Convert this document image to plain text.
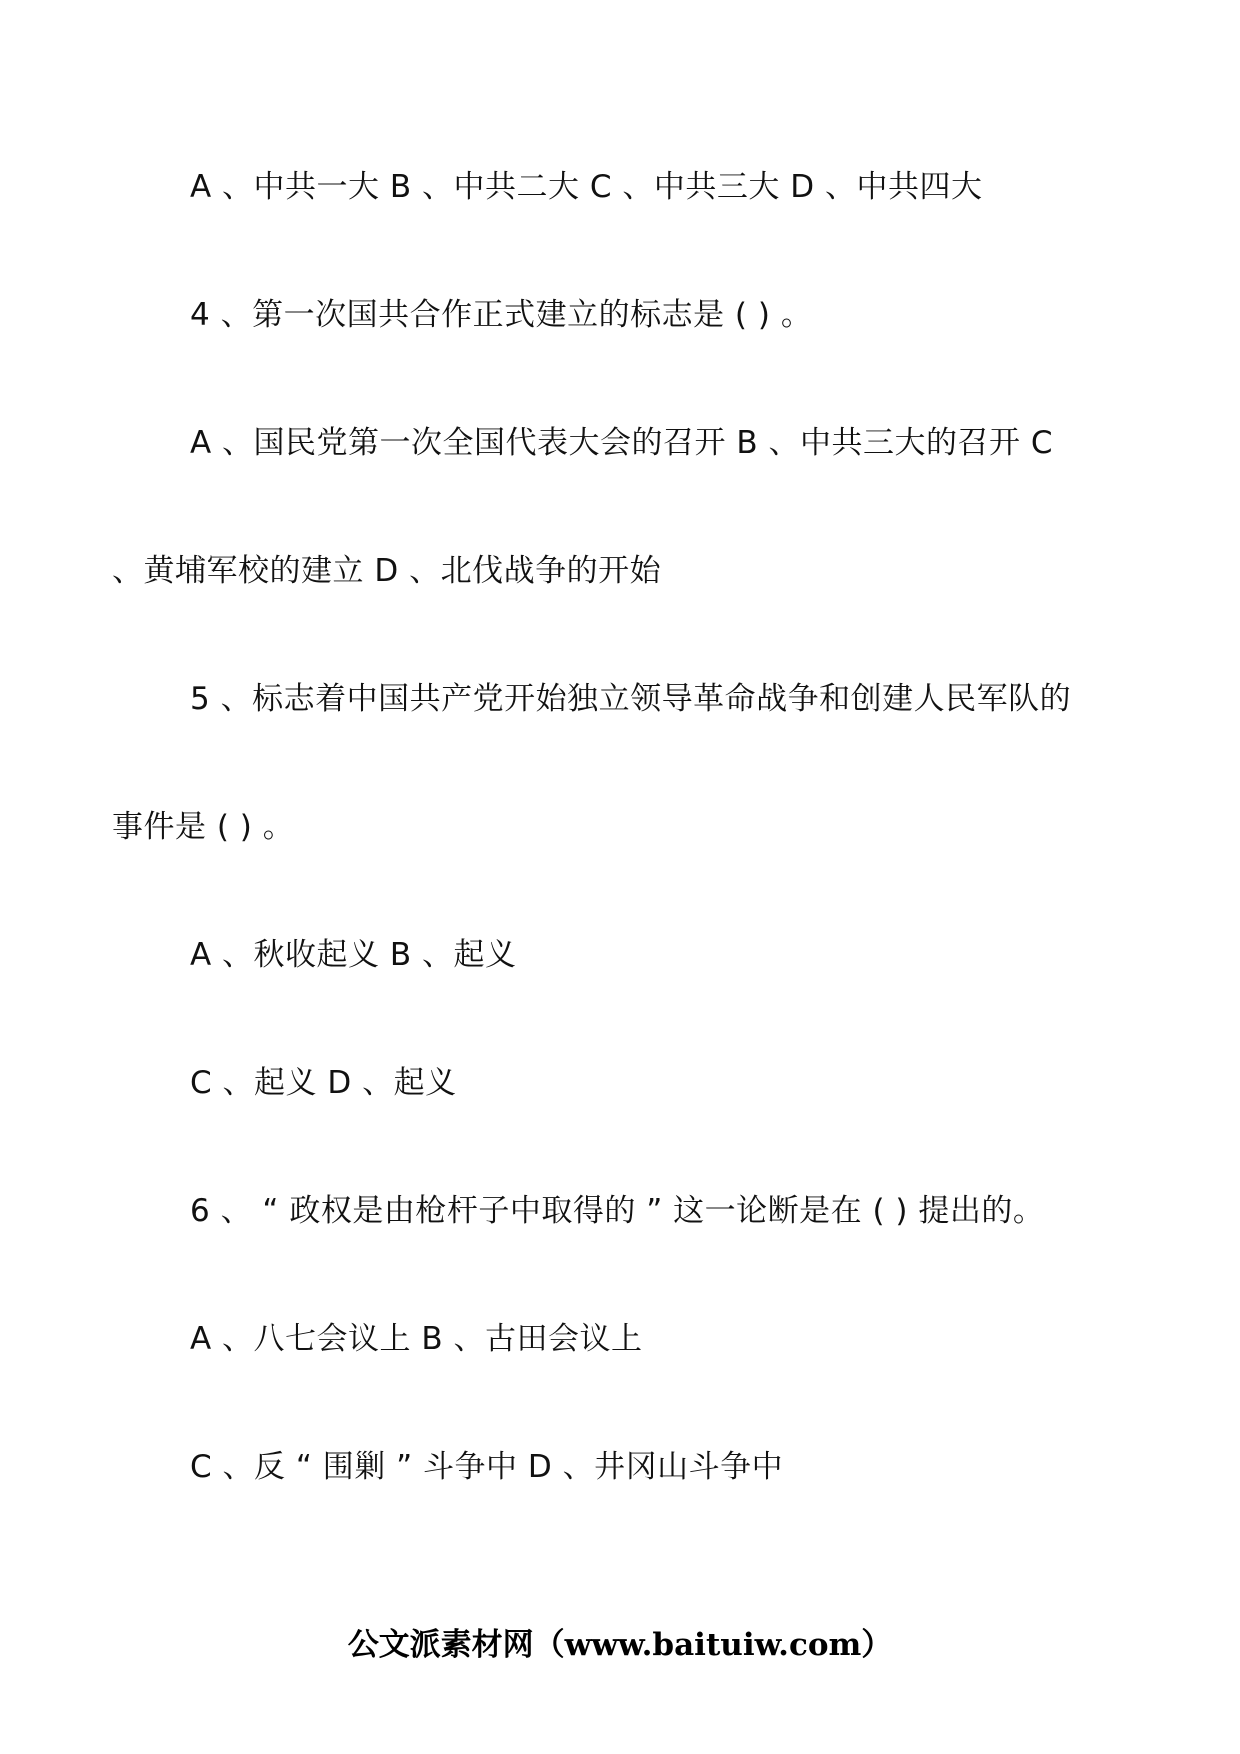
A 、中共一大 B 、中共二大 C 、中共三大 D 、中共四大
4 、第一次国共合作正式建立的标志是 ( ) 。
A 、国民党第一次全国代表大会的召开 B 、中共三大的召开 C
、黄埔军校的建立 D 、北伐战争的开始
5 、标志着中国共产党开始独立领导革命战争和创建人民军队的
事件是 ( ) 。
A 、秋收起义 B 、起义
C 、起义 D 、起义
6 、 “ 政权是由枪杆子中取得的 ” 这一论断是在 ( ) 提出的。
A 、八七会议上 B 、古田会议上
C 、反 “ 围剿 ” 斗争中 D 、井冈山斗争中
公文派素材网（www.baituiw.com）
